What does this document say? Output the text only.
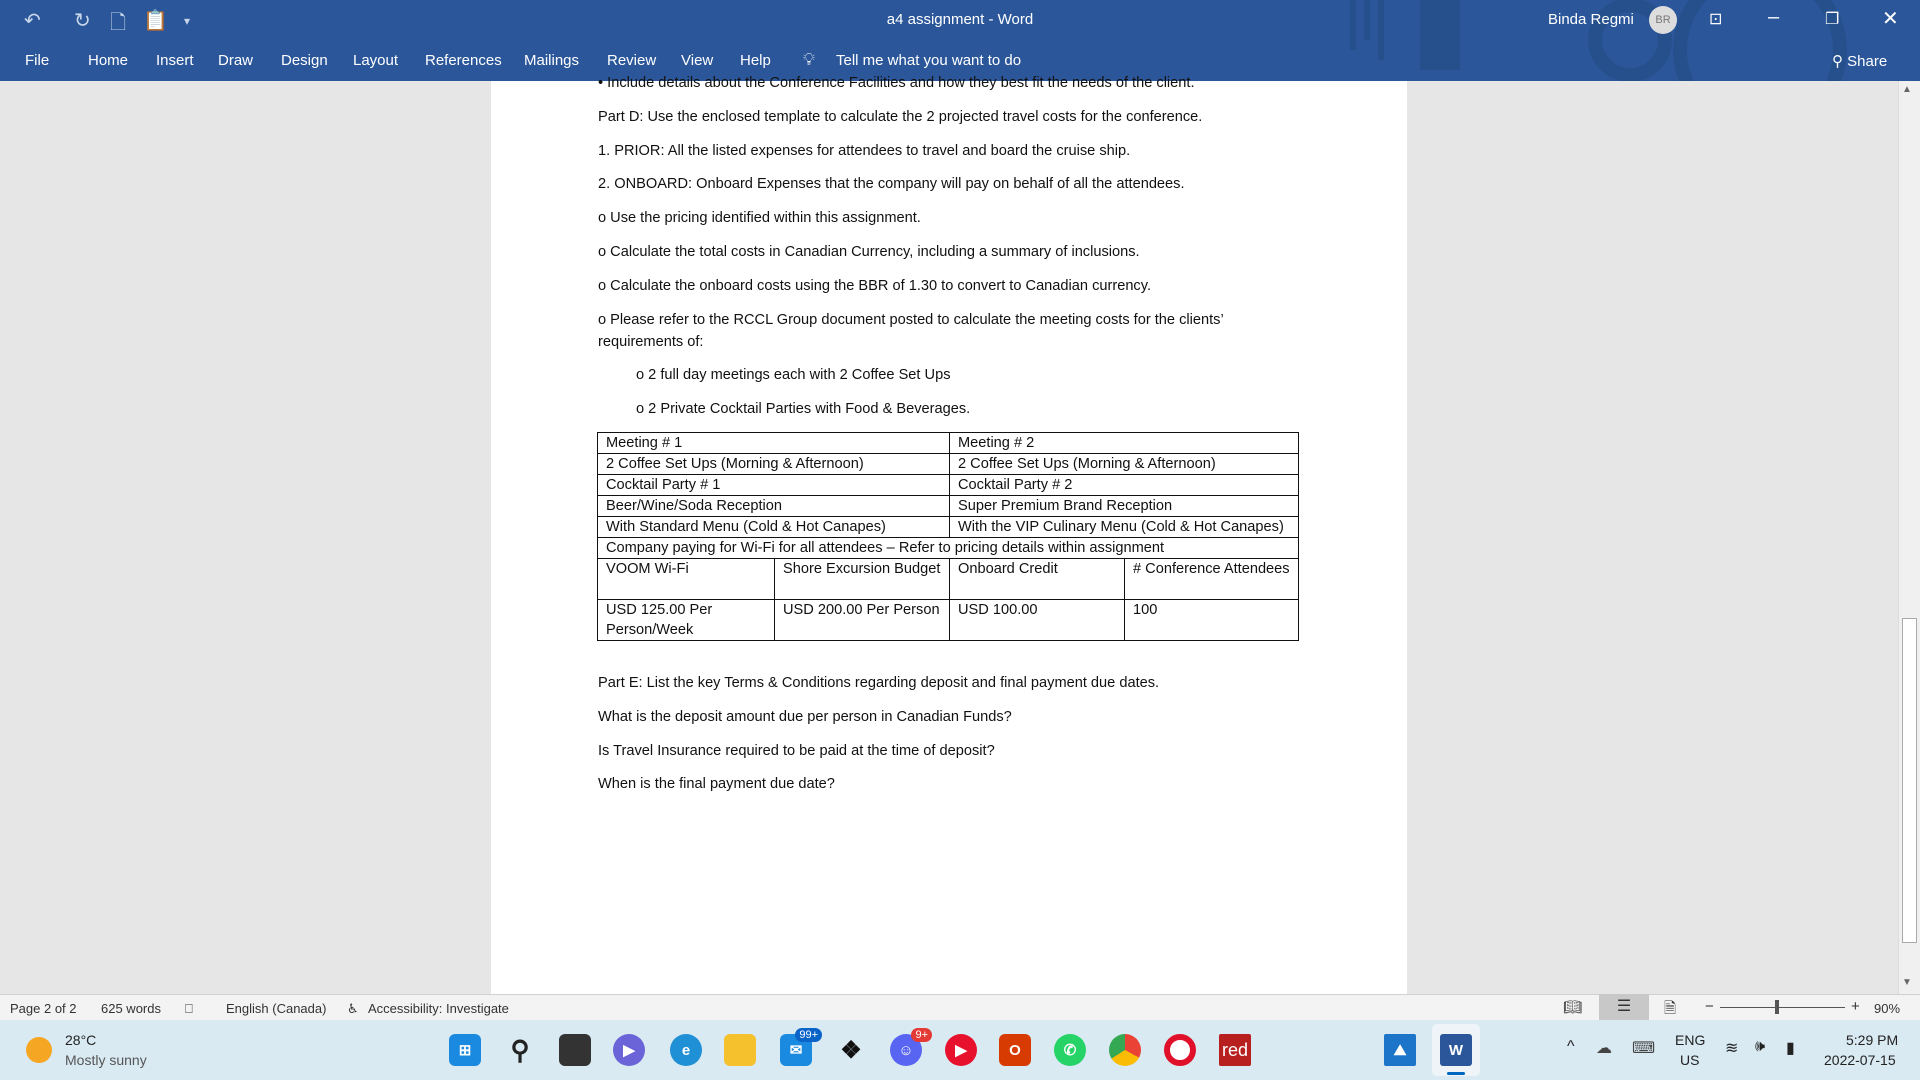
↶ ↻ 🗋 📋 ▾	a4 assignment - Word	Binda Regmi	BR	⊡ –	❐ ✕
File	Home Insert Draw Design Layout References Mailings Review View Help 💡︎ Tell me what you want to do	⚲ Share
• Include details about the Conference Facilities and how they best fit the needs of the client.
Part D: Use the enclosed template to calculate the 2 projected travel costs for the conference.
1. PRIOR: All the listed expenses for attendees to travel and board the cruise ship.
2. ONBOARD: Onboard Expenses that the company will pay on behalf of all the attendees.
o Use the pricing identified within this assignment.
o Calculate the total costs in Canadian Currency, including a summary of inclusions.
o Calculate the onboard costs using the BBR of 1.30 to convert to Canadian currency.
o Please refer to the RCCL Group document posted to calculate the meeting costs for the clients’
requirements of:
o 2 full day meetings each with 2 Coffee Set Ups
o 2 Private Cocktail Parties with Food & Beverages.
Meeting # 1		Meeting # 2	
2 Coffee Set Ups (Morning & Afternoon)		2 Coffee Set Ups (Morning & Afternoon)	
Cocktail Party # 1		Cocktail Party # 2	
Beer/Wine/Soda Reception		Super Premium Brand Reception	
With Standard Menu (Cold & Hot Canapes)		With the VIP Culinary Menu (Cold & Hot Canapes)	
Company paying for Wi-Fi for all attendees – Refer to pricing details within assignment			
VOOM Wi-Fi	Shore Excursion Budget	Onboard Credit	# Conference Attendees
USD 125.00 Per Person/Week	USD 200.00 Per Person	USD 100.00	100
Part E: List the key Terms & Conditions regarding deposit and final payment due dates.
What is the deposit amount due per person in Canadian Funds?
Is Travel Insurance required to be paid at the time of deposit?
When is the final payment due date?
▲
▼
Page 2 of 2 625 words ⎕	English (Canada) ♿︎ Accessibility: Investigate	📖︎	☰	🗎 −	+ 90%
28°C
Mostly sunny
⊞	⚲	▶	e	✉
99+
❖	☺
9+
▶	O	✆	red	⛰	W	^ ☁ ⌨ ENG
US
≋ 🕪︎ ▮	5:29 PM
2022-07-15
